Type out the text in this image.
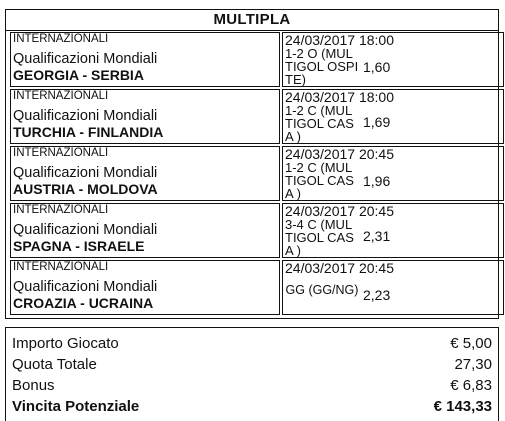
MULTIPLA
INTERNAZIONALI
Qualificazioni Mondiali
GEORGIA - SERBIA
24/03/2017 18:00
1-2 O (MULTIGOL OSPITE)
1,60
INTERNAZIONALI
Qualificazioni Mondiali
TURCHIA - FINLANDIA
24/03/2017 18:00
1-2 C (MULTIGOL CASA )
1,69
INTERNAZIONALI
Qualificazioni Mondiali
AUSTRIA - MOLDOVA
24/03/2017 20:45
1-2 C (MULTIGOL CASA )
1,96
INTERNAZIONALI
Qualificazioni Mondiali
SPAGNA - ISRAELE
24/03/2017 20:45
3-4 C (MULTIGOL CASA )
2,31
INTERNAZIONALI
Qualificazioni Mondiali
CROAZIA - UCRAINA
24/03/2017 20:45
GG (GG/NG) 2,23
Importo Giocato	€ 5,00
Quota Totale	27,30
Bonus	€ 6,83
Vincita Potenziale	€ 143,33
